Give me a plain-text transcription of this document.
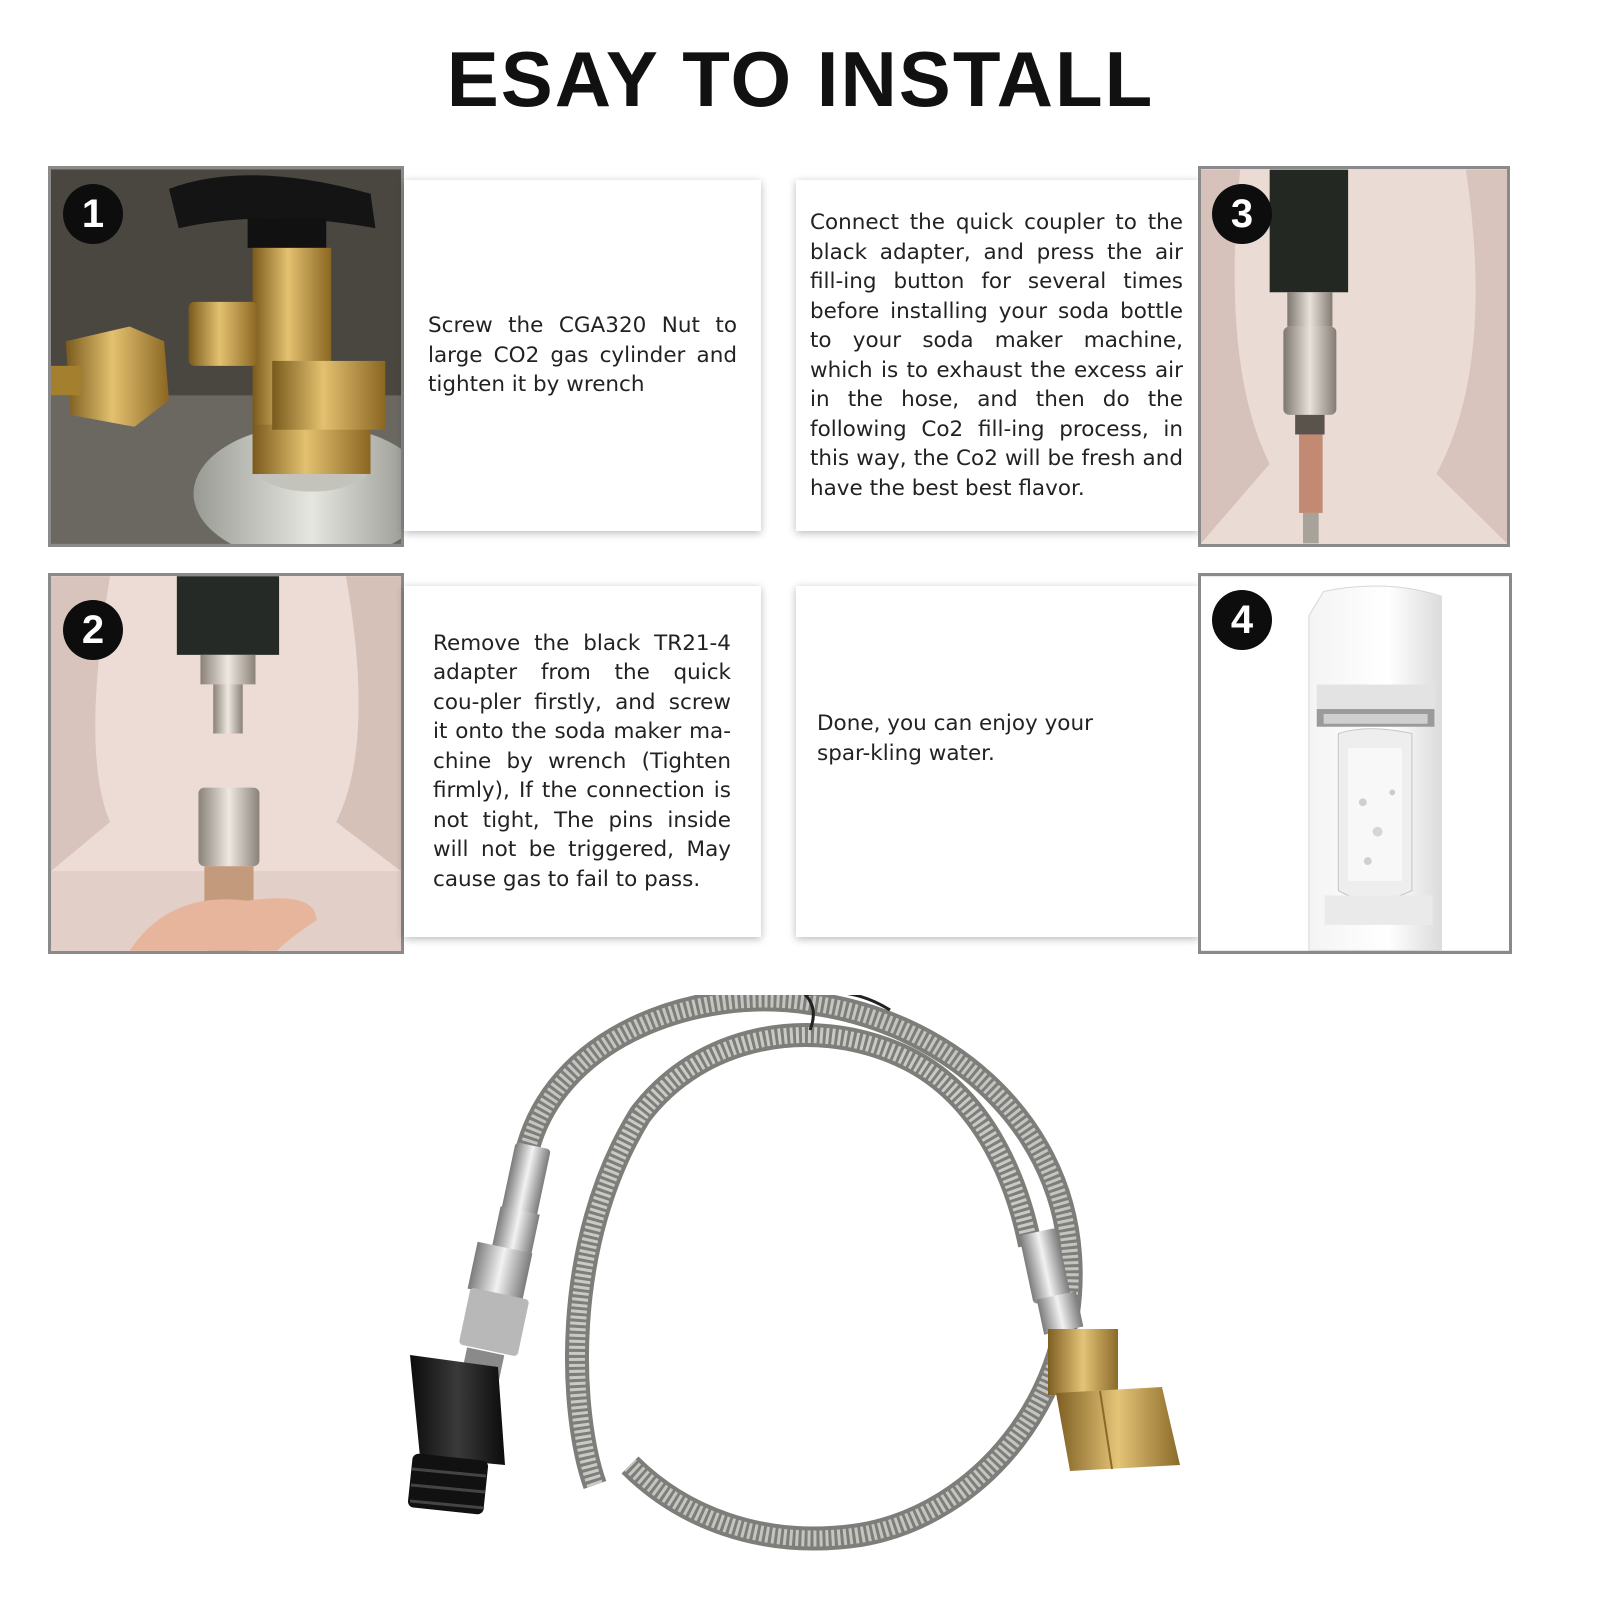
ESAY TO INSTALL
1

Screw the CGA320 Nut to large CO2 gas cylinder and tighten it by wrench

Connect the quick coupler to the black adapter, and press the air fill-ing button for several times before installing your soda bottle to your soda maker machine, which is to exhaust the excess air in the hose, and then do the following Co2 fill-ing process, in this way, the Co2 will be fresh and have the best best flavor.

3
2	Remove the black TR21-4 adapter from the quick cou-pler firstly, and screw it onto the soda maker ma-chine by wrench (Tighten firmly), If the connection is not tight, The pins inside will not be triggered, May cause gas to fail to pass.

Done, you can enjoy your spar-kling water.

4
